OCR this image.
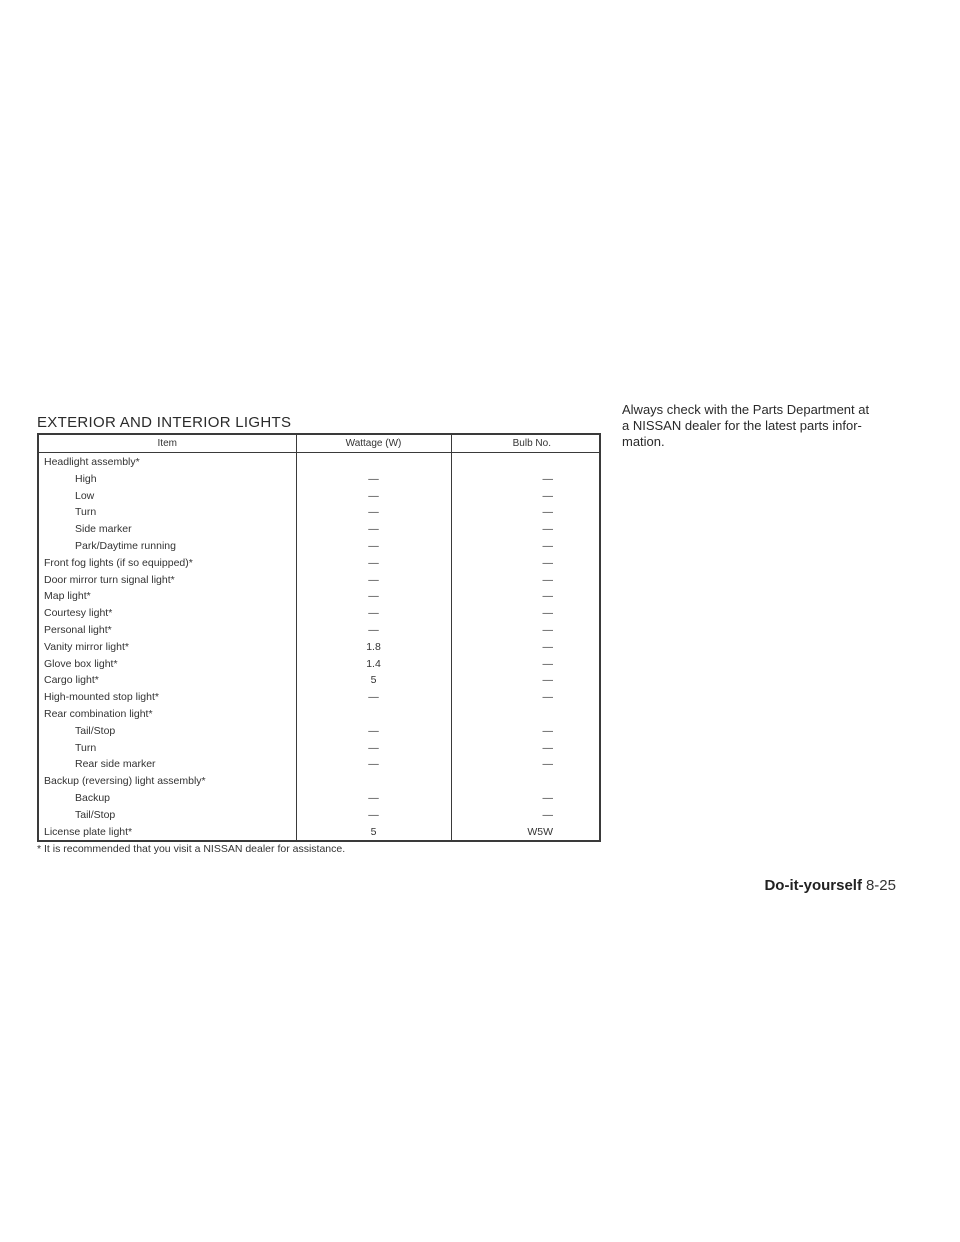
EXTERIOR AND INTERIOR LIGHTS
Item	Wattage (W)	Bulb No.
Headlight assembly*		
High	—	—
Low	—	—
Turn	—	—
Side marker	—	—
Park/Daytime running	—	—
Front fog lights (if so equipped)*	—	—
Door mirror turn signal light*	—	—
Map light*	—	—
Courtesy light*	—	—
Personal light*	—	—
Vanity mirror light*	1.8	—
Glove box light*	1.4	—
Cargo light*	5	—
High-mounted stop light*	—	—
Rear combination light*		
Tail/Stop	—	—
Turn	—	—
Rear side marker	—	—
Backup (reversing) light assembly*		
Backup	—	—
Tail/Stop	—	—
License plate light*	5	W5W
* It is recommended that you visit a NISSAN dealer for assistance.
Always check with the Parts Department at
a NISSAN dealer for the latest parts infor-
mation.
Do-it-yourself 8-25
